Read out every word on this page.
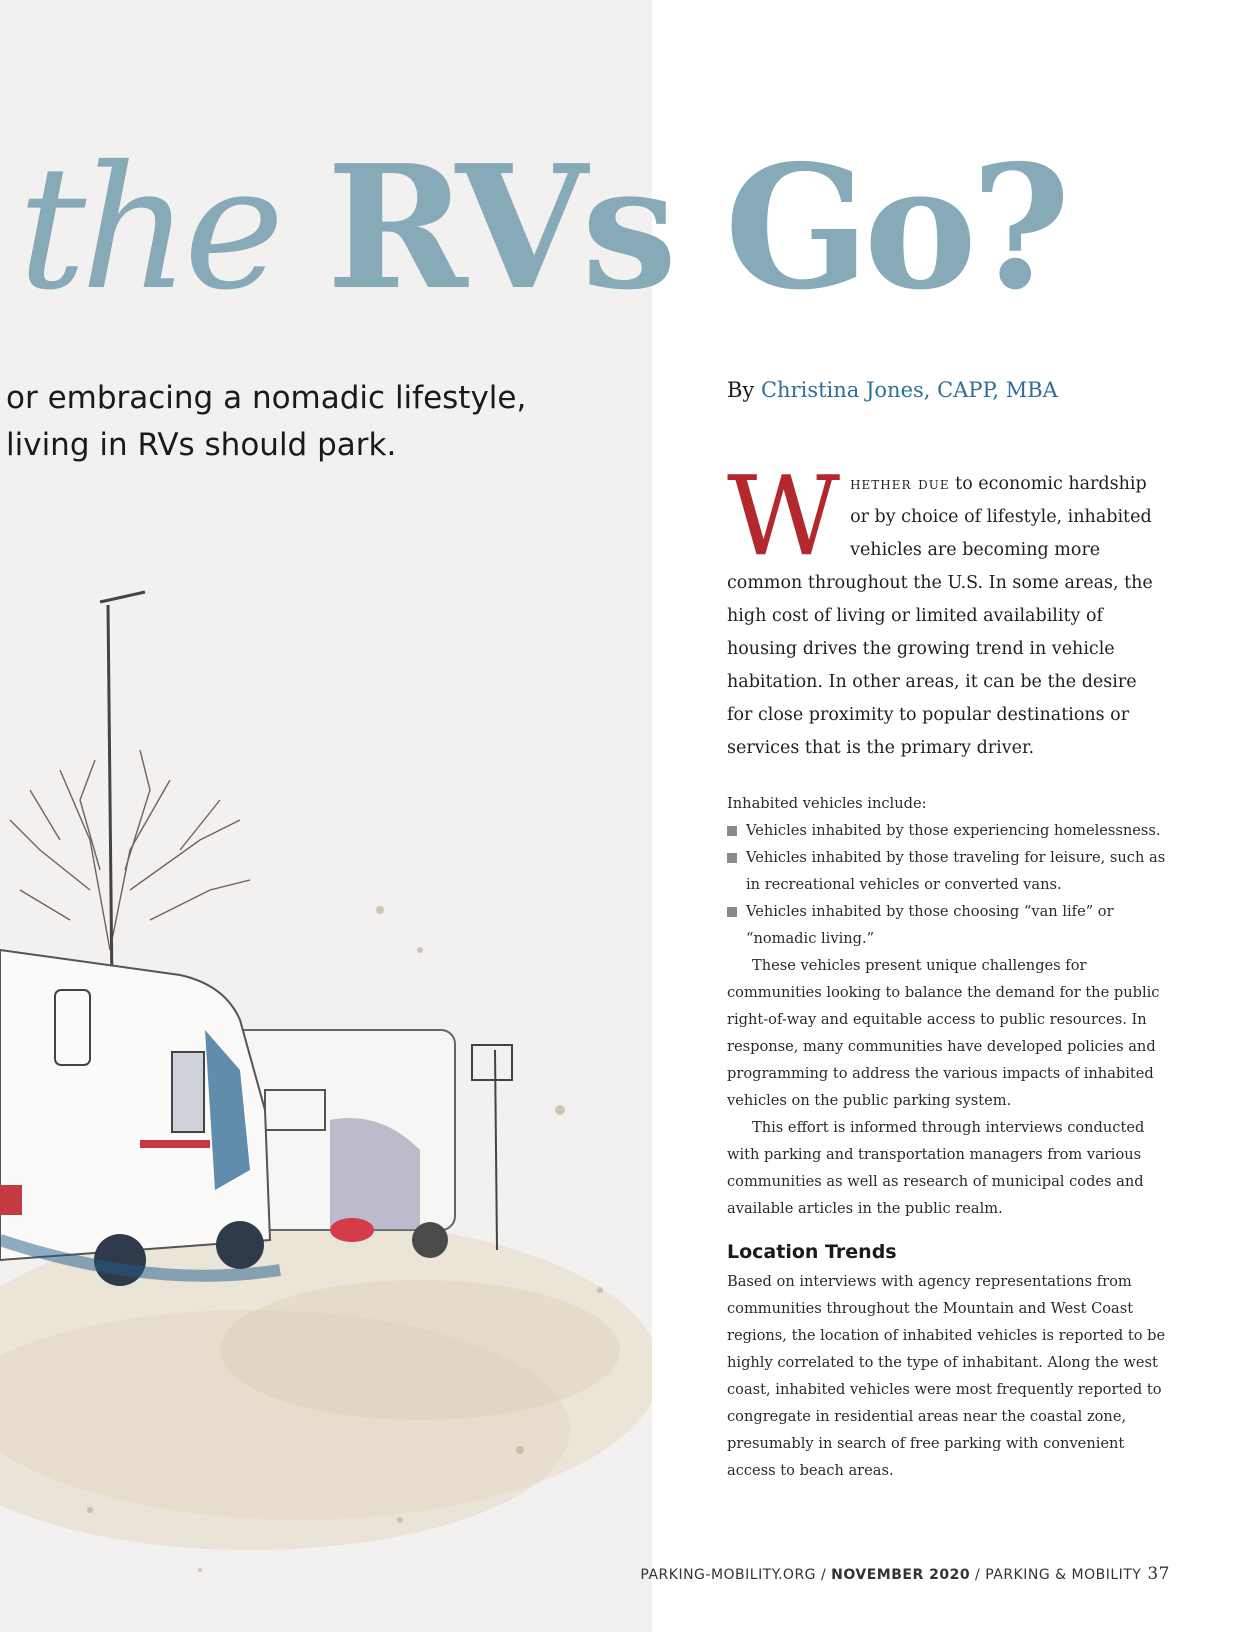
the RVs Go?
or embracing a nomadic lifestyle,
living in RVs should park.
By Christina Jones, CAPP, MBA
Whether due to economic hardship or by choice of lifestyle, inhabited vehicles are becoming more common throughout the U.S. In some areas, the high cost of living or limited availability of housing drives the growing trend in vehicle habitation. In other areas, it can be the desire for close proximity to popular destinations or services that is the primary driver.

Inhabited vehicles include:

Vehicles inhabited by those experiencing homelessness.
Vehicles inhabited by those traveling for leisure, such as in recreational vehicles or converted vans.
Vehicles inhabited by those choosing “van life” or “nomadic living.”

These vehicles present unique challenges for communities looking to balance the demand for the public right-of-way and equitable access to public resources. In response, many communities have developed policies and programming to address the various impacts of inhabited vehicles on the public parking system.

This effort is informed through interviews conducted with parking and transportation managers from various communities as well as research of municipal codes and available articles in the public realm.

Location Trends

Based on interviews with agency representations from communities throughout the Mountain and West Coast regions, the location of inhabited vehicles is reported to be highly correlated to the type of inhabitant. Along the west coast, inhabited vehicles were most frequently reported to congregate in residential areas near the coastal zone, presumably in search of free parking with convenient access to beach areas.

PARKING-MOBILITY.ORG / NOVEMBER 2020 / PARKING & MOBILITY 37
